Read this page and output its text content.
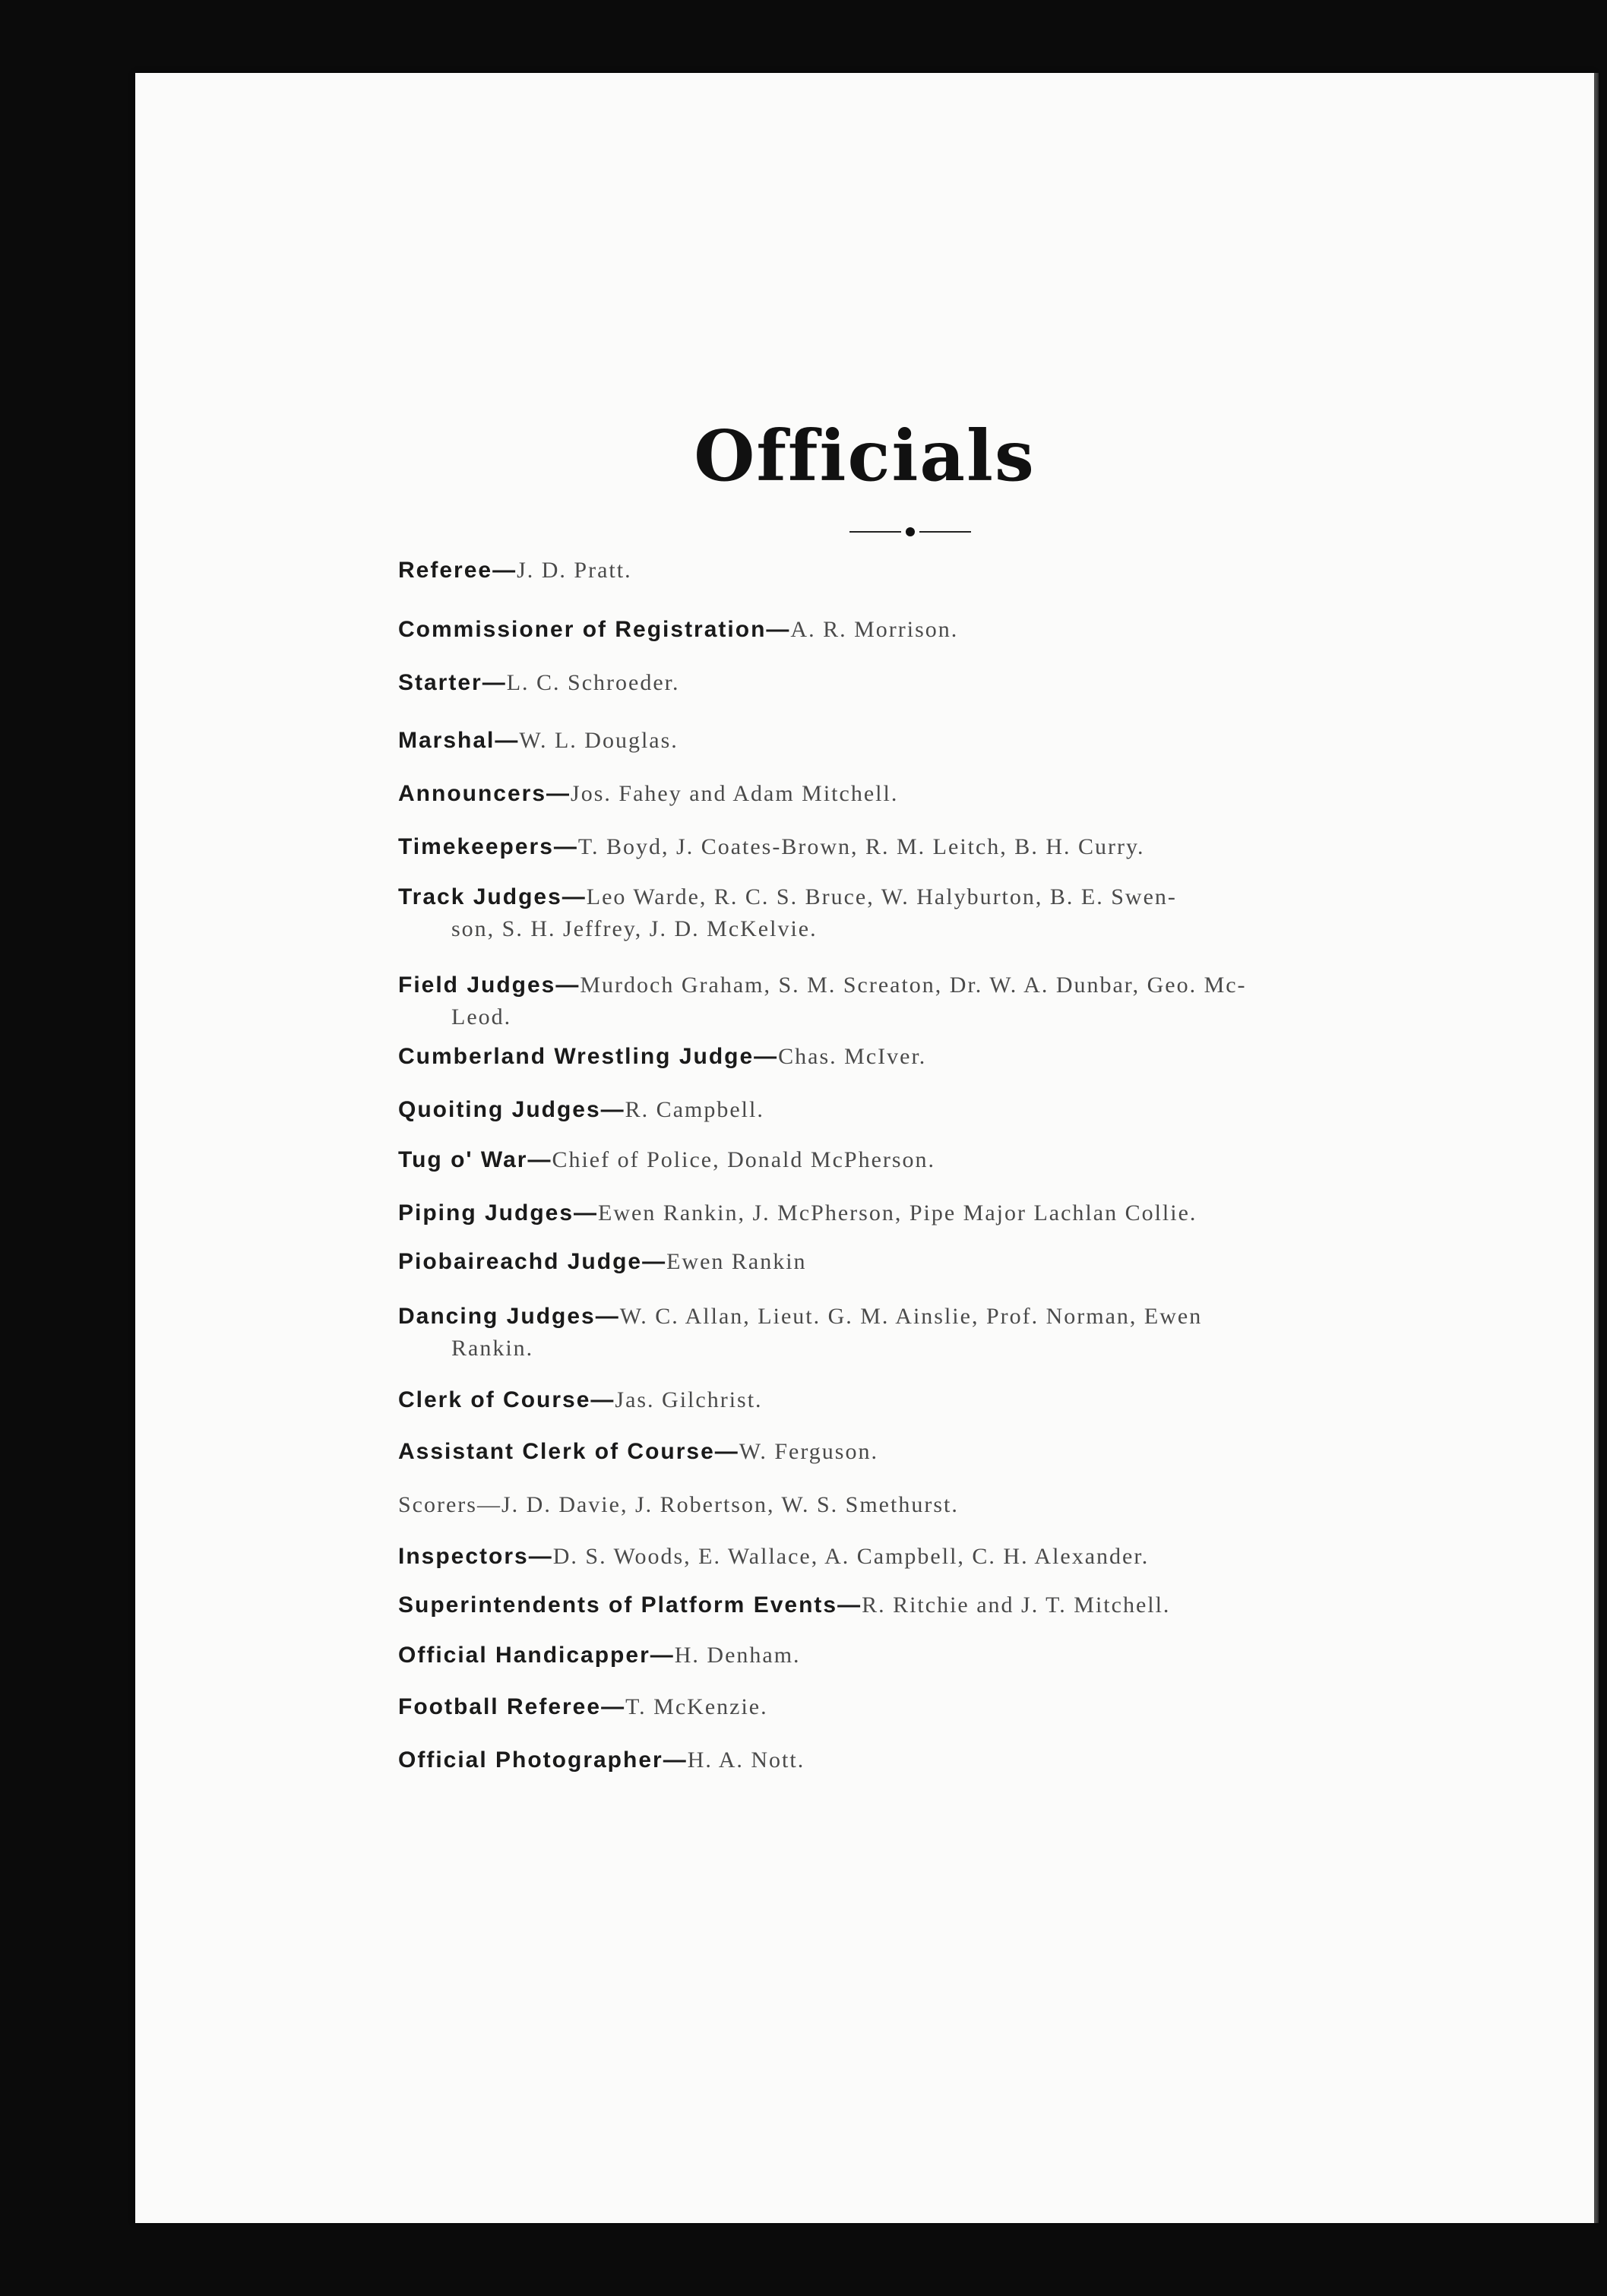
Officials
Referee—J. D. Pratt.
Commissioner of Registration—A. R. Morrison.
Starter—L. C. Schroeder.
Marshal—W. L. Douglas.
Announcers—Jos. Fahey and Adam Mitchell.
Timekeepers—T. Boyd, J. Coates-Brown, R. M. Leitch, B. H. Curry.
Track Judges—Leo Warde, R. C. S. Bruce, W. Halyburton, B. E. Swen-
son, S. H. Jeffrey, J. D. McKelvie.
Field Judges—Murdoch Graham, S. M. Screaton, Dr. W. A. Dunbar, Geo. Mc-
Leod.
Cumberland Wrestling Judge—Chas. McIver.
Quoiting Judges—R. Campbell.
Tug o' War—Chief of Police, Donald McPherson.
Piping Judges—Ewen Rankin, J. McPherson, Pipe Major Lachlan Collie.
Piobaireachd Judge—Ewen Rankin
Dancing Judges—W. C. Allan, Lieut. G. M. Ainslie, Prof. Norman, Ewen
Rankin.
Clerk of Course—Jas. Gilchrist.
Assistant Clerk of Course—W. Ferguson.
Scorers—J. D. Davie, J. Robertson, W. S. Smethurst.
Inspectors—D. S. Woods, E. Wallace, A. Campbell, C. H. Alexander.
Superintendents of Platform Events—R. Ritchie and J. T. Mitchell.
Official Handicapper—H. Denham.
Football Referee—T. McKenzie.
Official Photographer—H. A. Nott.
